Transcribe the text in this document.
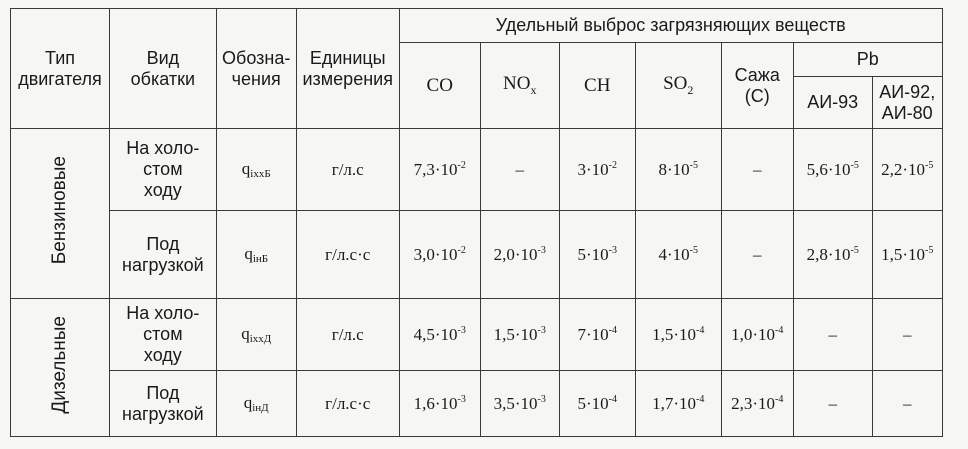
Тип двигателя	Вид обкатки	Обозна-чения	Единицы измерения	Удельный выброс загрязняющих веществ						
				CO	$NO_x$	CH	$SO_2$	Сажа (С)	Pb	
									АИ-93	АИ-92, АИ-80
Бензиновые	На холо-стом ходу	$q_{iхxБ}$	г/л.с	$7,3\cdot 10^{-2}$	–	$3\cdot 10^{-2}$	$8\cdot 10^{-5}$	–	$5,6\cdot 10^{-5}$	$2,2\cdot 10^{-5}$
	Под нагрузкой	$q_{iнБ}$	г/л.с·с	$3,0\cdot 10^{-2}$	$2,0\cdot 10^{-3}$	$5\cdot 10^{-3}$	$4\cdot 10^{-5}$	–	$2,8\cdot 10^{-5}$	$1,5\cdot 10^{-5}$
Дизельные	На холо-стом ходу	$q_{iхxД}$	г/л.с	$4,5\cdot 10^{-3}$	$1,5\cdot 10^{-3}$	$7\cdot 10^{-4}$	$1,5\cdot 10^{-4}$	$1,0\cdot 10^{-4}$	–	–
	Под нагрузкой	$q_{iнД}$	г/л.с·с	$1,6\cdot 10^{-3}$	$3,5\cdot 10^{-3}$	$5\cdot 10^{-4}$	$1,7\cdot 10^{-4}$	$2,3\cdot 10^{-4}$	–	–
